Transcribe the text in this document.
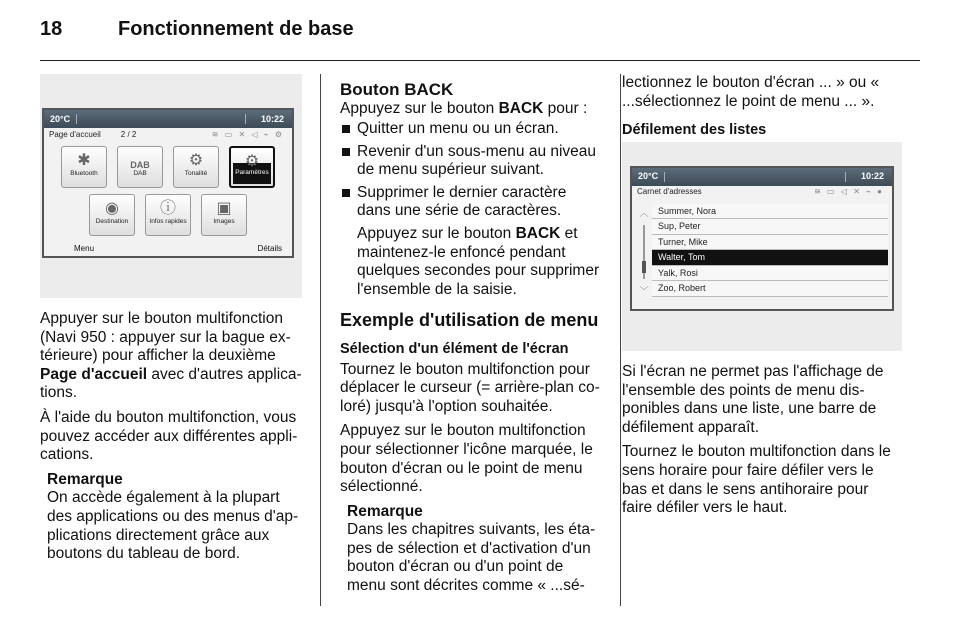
18	Fonctionnement de base
20°C	10:22
Page d'accueil	2 / 2	≋ ▭ ✕ ◁ ⌁ ⚙
✱
Bluetooth
DAB
DAB
⚙
Tonalité
⚙
Paramètres
◉
Destination
ⓘ
Infos rapides
▣
Images
Menu	Détails

Appuyer sur le bouton multifonction (Navi 950 : appuyer sur la bague ex-térieure) pour afficher la deuxième Page d'accueil avec d'autres applica-tions.

À l'aide du bouton multifonction, vous pouvez accéder aux différentes appli-cations.

Remarque
On accède également à la plupart des applications ou des menus d'ap-plications directement grâce aux boutons du tableau de bord.
Bouton BACK

Appuyez sur le bouton BACK pour :

Quitter un menu ou un écran.
Revenir d'un sous-menu au niveau de menu supérieur suivant.
Supprimer le dernier caractère dans une série de caractères.

Appuyez sur le bouton BACK et maintenez-le enfoncé pendant quelques secondes pour supprimer l'ensemble de la saisie.

Exemple d'utilisation de menu
Sélection d'un élément de l'écran

Tournez le bouton multifonction pour déplacer le curseur (= arrière-plan co-loré) jusqu'à l'option souhaitée.

Appuyez sur le bouton multifonction pour sélectionner l'icône marquée, le bouton d'écran ou le point de menu sélectionné.

Remarque
Dans les chapitres suivants, les éta-pes de sélection et d'activation d'un bouton d'écran ou d'un point de menu sont décrites comme « ...sé-

lectionnez le bouton d'écran ... » ou « ...sélectionnez le point de menu ... ».

Défilement des listes
20°C	10:22
Carnet d'adresses	≋ ▭ ◁ ✕ ⌁ ●
︿
﹀
Summer, Nora
Sup, Peter
Turner, Mike
Walter, Tom
Yalk, Rosi
Zoo, Robert

Si l'écran ne permet pas l'affichage de l'ensemble des points de menu dis-ponibles dans une liste, une barre de défilement apparaît.

Tournez le bouton multifonction dans le sens horaire pour faire défiler vers le bas et dans le sens antihoraire pour faire défiler vers le haut.
